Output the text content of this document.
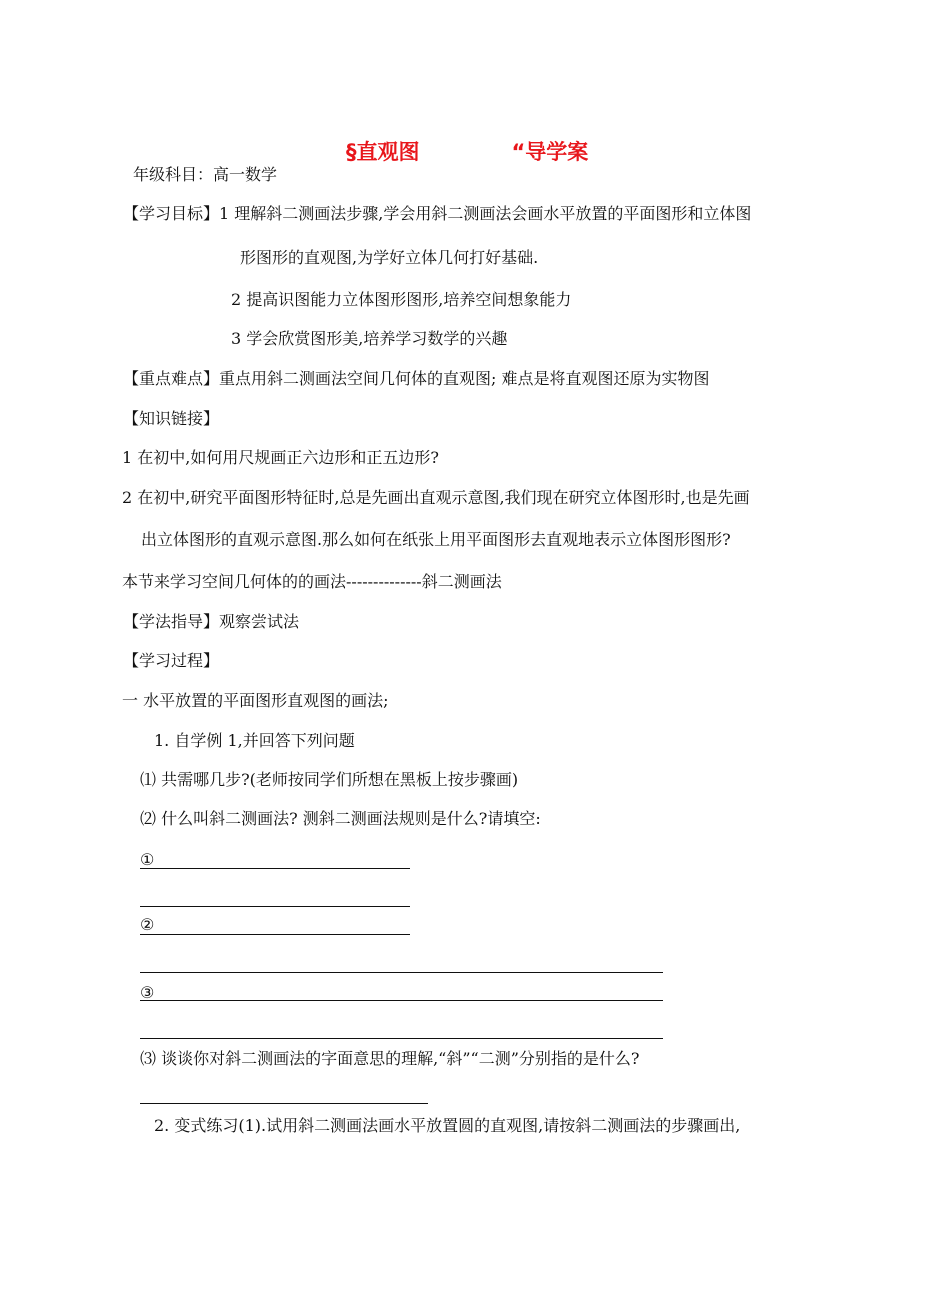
§直观图	“导学案
年级科目：高一数学
【学习目标】1 理解斜二测画法步骤,学会用斜二测画法会画水平放置的平面图形和立体图
形图形的直观图,为学好立体几何打好基础.
2 提高识图能力立体图形图形,培养空间想象能力
3 学会欣赏图形美,培养学习数学的兴趣
【重点难点】重点用斜二测画法空间几何体的直观图; 难点是将直观图还原为实物图
【知识链接】
1 在初中,如何用尺规画正六边形和正五边形?
2 在初中,研究平面图形特征时,总是先画出直观示意图,我们现在研究立体图形时,也是先画
出立体图形的直观示意图.那么如何在纸张上用平面图形去直观地表示立体图形图形?
本节来学习空间几何体的的画法--------------斜二测画法
【学法指导】观察尝试法
【学习过程】
一 水平放置的平面图形直观图的画法;
1. 自学例 1,并回答下列问题
⑴ 共需哪几步?(老师按同学们所想在黑板上按步骤画)
⑵ 什么叫斜二测画法? 测斜二测画法规则是什么?请填空:
①
②
③
⑶ 谈谈你对斜二测画法的字面意思的理解,“斜”“二测”分别指的是什么?
2. 变式练习(1).试用斜二测画法画水平放置圆的直观图,请按斜二测画法的步骤画出,
